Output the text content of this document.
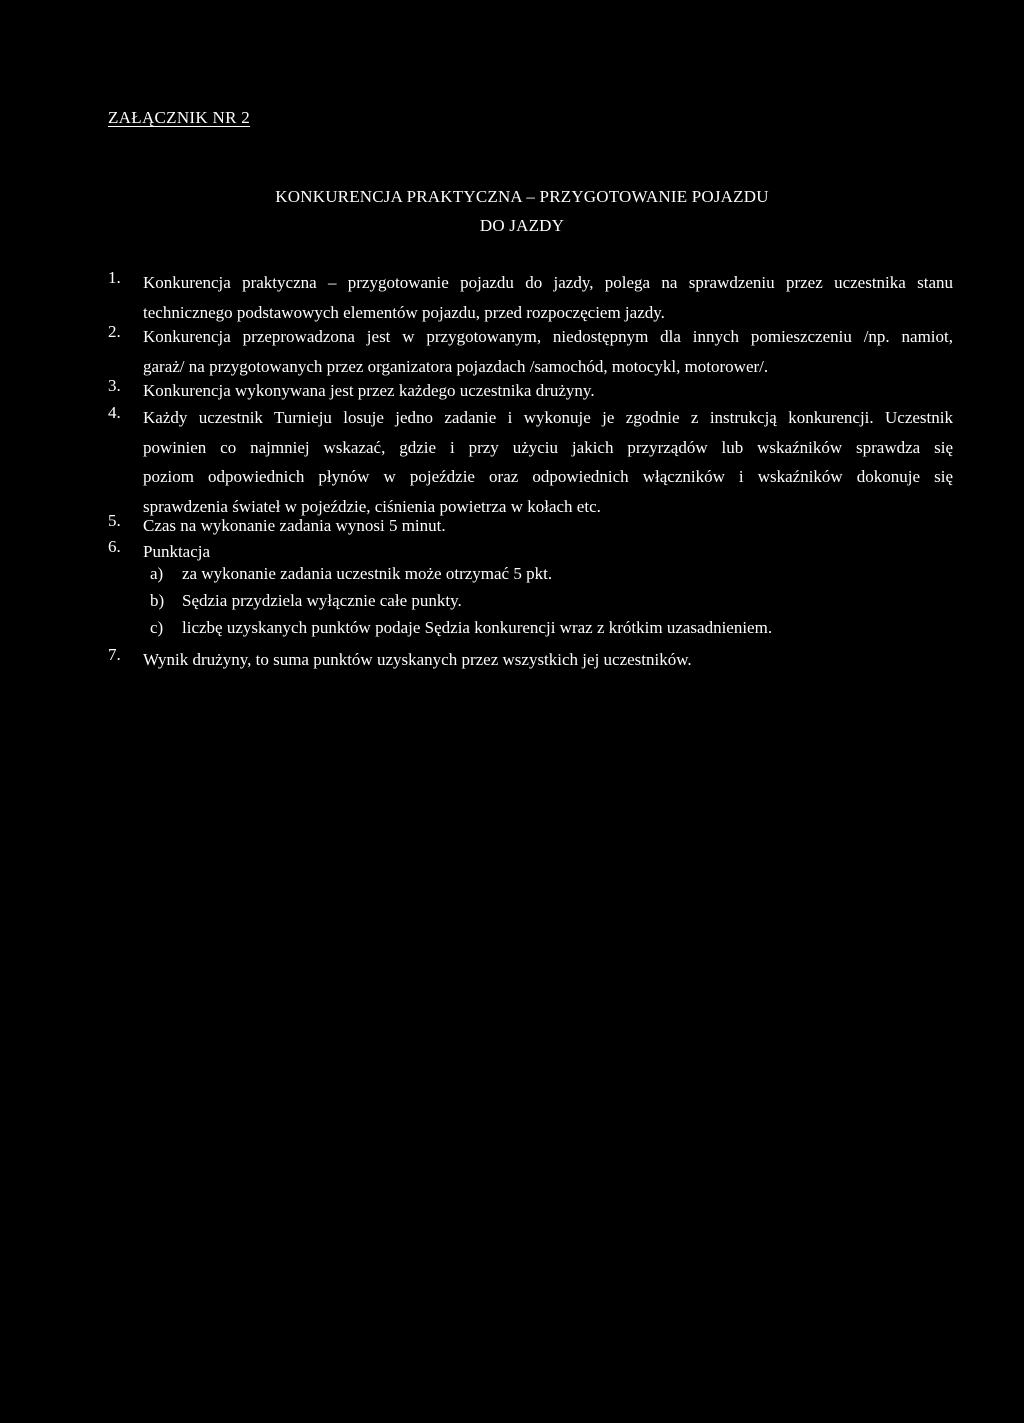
ZAŁĄCZNIK NR 2
KONKURENCJA PRAKTYCZNA – PRZYGOTOWANIE POJAZDU
DO JAZDY
1. Konkurencja praktyczna – przygotowanie pojazdu do jazdy, polega na sprawdzeniu przez uczestnika stanu
technicznego podstawowych elementów pojazdu, przed rozpoczęciem jazdy.
2. Konkurencja przeprowadzona jest w przygotowanym, niedostępnym dla innych pomieszczeniu /np. namiot,
garaż/ na przygotowanych przez organizatora pojazdach /samochód, motocykl, motorower/.
3. Konkurencja wykonywana jest przez każdego uczestnika drużyny.
4. Każdy uczestnik Turnieju losuje jedno zadanie i wykonuje je zgodnie z instrukcją konkurencji. Uczestnik
powinien co najmniej wskazać, gdzie i przy użyciu jakich przyrządów lub wskaźników sprawdza się
poziom odpowiednich płynów w pojeździe oraz odpowiednich włączników i wskaźników dokonuje się
sprawdzenia świateł w pojeździe, ciśnienia powietrza w kołach etc.
5. Czas na wykonanie zadania wynosi 5 minut.
6. Punktacja
a) za wykonanie zadania uczestnik może otrzymać 5 pkt.
b) Sędzia przydziela wyłącznie całe punkty.
c) liczbę uzyskanych punktów podaje Sędzia konkurencji wraz z krótkim uzasadnieniem.
7. Wynik drużyny, to suma punktów uzyskanych przez wszystkich jej uczestników.
